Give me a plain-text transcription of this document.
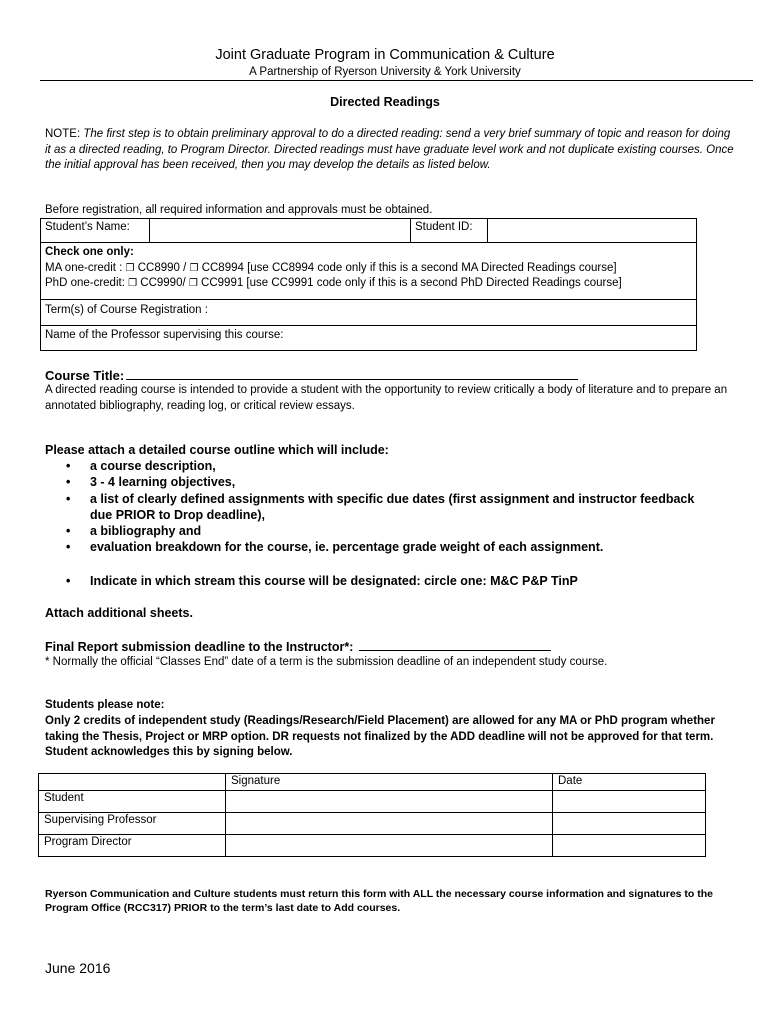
Joint Graduate Program in Communication & Culture
A Partnership of Ryerson University & York University
Directed Readings
NOTE: The first step is to obtain preliminary approval to do a directed reading: send a very brief summary of topic and reason for doing it as a directed reading, to Program Director. Directed readings must have graduate level work and not duplicate existing courses. Once the initial approval has been received, then you may develop the details as listed below.
Before registration, all required information and approvals must be obtained.
Student’s Name:		Student ID:	

Check one only:
MA one-credit : ❐ CC8990 / ❐ CC8994 [use CC8994 code only if this is a second MA Directed Readings course]
PhD one-credit: ❐ CC9990/ ❐ CC9991 [use CC9991 code only if this is a second PhD Directed Readings course]

Term(s) of Course Registration :
Name of the Professor supervising this course:
Course Title:
A directed reading course is intended to provide a student with the opportunity to review critically a body of literature and to prepare an annotated bibliography, reading log, or critical review essays.
Please attach a detailed course outline which will include:
• a course description,
• 3 - 4 learning objectives,
• a list of clearly defined assignments with specific due dates (first assignment and instructor feedback due PRIOR to Drop deadline),
• a bibliography and
• evaluation breakdown for the course, ie. percentage grade weight of each assignment.
• Indicate in which stream this course will be designated: circle one: M&C P&P TinP
Attach additional sheets.
Final Report submission deadline to the Instructor*:
* Normally the official “Classes End” date of a term is the submission deadline of an independent study course.
Students please note:
Only 2 credits of independent study (Readings/Research/Field Placement) are allowed for any MA or PhD program whether taking the Thesis, Project or MRP option. DR requests not finalized by the ADD deadline will not be approved for that term. Student acknowledges this by signing below.
	Signature	Date
Student		
Supervising Professor		
Program Director		
Ryerson Communication and Culture students must return this form with ALL the necessary course information and signatures to the Program Office (RCC317) PRIOR to the term’s last date to Add courses.
June 2016
